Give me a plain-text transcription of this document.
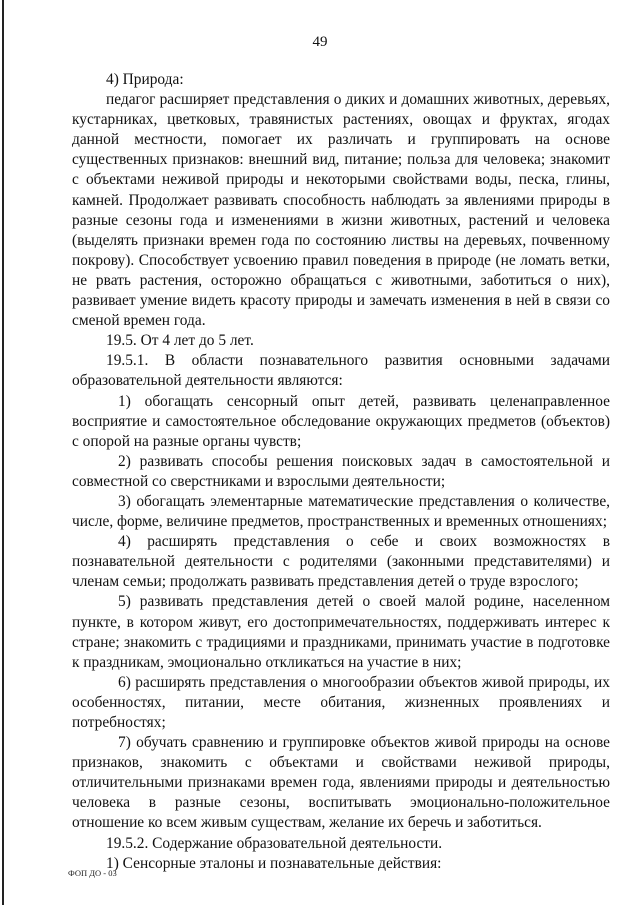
49

4) Природа:

педагог расширяет представления о диких и домашних животных, деревьях, кустарниках, цветковых, травянистых растениях, овощах и фруктах, ягодах данной местности, помогает их различать и группировать на основе существенных признаков: внешний вид, питание; польза для человека; знакомит с объектами неживой природы и некоторыми свойствами воды, песка, глины, камней. Продолжает развивать способность наблюдать за явлениями природы в разные сезоны года и изменениями в жизни животных, растений и человека (выделять признаки времен года по состоянию листвы на деревьях, почвенному покрову). Способствует усвоению правил поведения в природе (не ломать ветки, не рвать растения, осторожно обращаться с животными, заботиться о них), развивает умение видеть красоту природы и замечать изменения в ней в связи со сменой времен года.

19.5. От 4 лет до 5 лет.

19.5.1. В области познавательного развития основными задачами образовательной деятельности являются:

1) обогащать сенсорный опыт детей, развивать целенаправленное восприятие и самостоятельное обследование окружающих предметов (объектов) с опорой на разные органы чувств;

2) развивать способы решения поисковых задач в самостоятельной и совместной со сверстниками и взрослыми деятельности;

3) обогащать элементарные математические представления о количестве, числе, форме, величине предметов, пространственных и временных отношениях;

4) расширять представления о себе и своих возможностях в познавательной деятельности с родителями (законными представителями) и членам семьи; продолжать развивать представления детей о труде взрослого;

5) развивать представления детей о своей малой родине, населенном пункте, в котором живут, его достопримечательностях, поддерживать интерес к стране; знакомить с традициями и праздниками, принимать участие в подготовке к праздникам, эмоционально откликаться на участие в них;

6) расширять представления о многообразии объектов живой природы, их особенностях, питании, месте обитания, жизненных проявлениях и потребностях;

7) обучать сравнению и группировке объектов живой природы на основе признаков, знакомить с объектами и свойствами неживой природы, отличительными признаками времен года, явлениями природы и деятельностью человека в разные сезоны, воспитывать эмоционально-положительное отношение ко всем живым существам, желание их беречь и заботиться.

19.5.2. Содержание образовательной деятельности.

1) Сенсорные эталоны и познавательные действия:

ФОП ДО - 03
